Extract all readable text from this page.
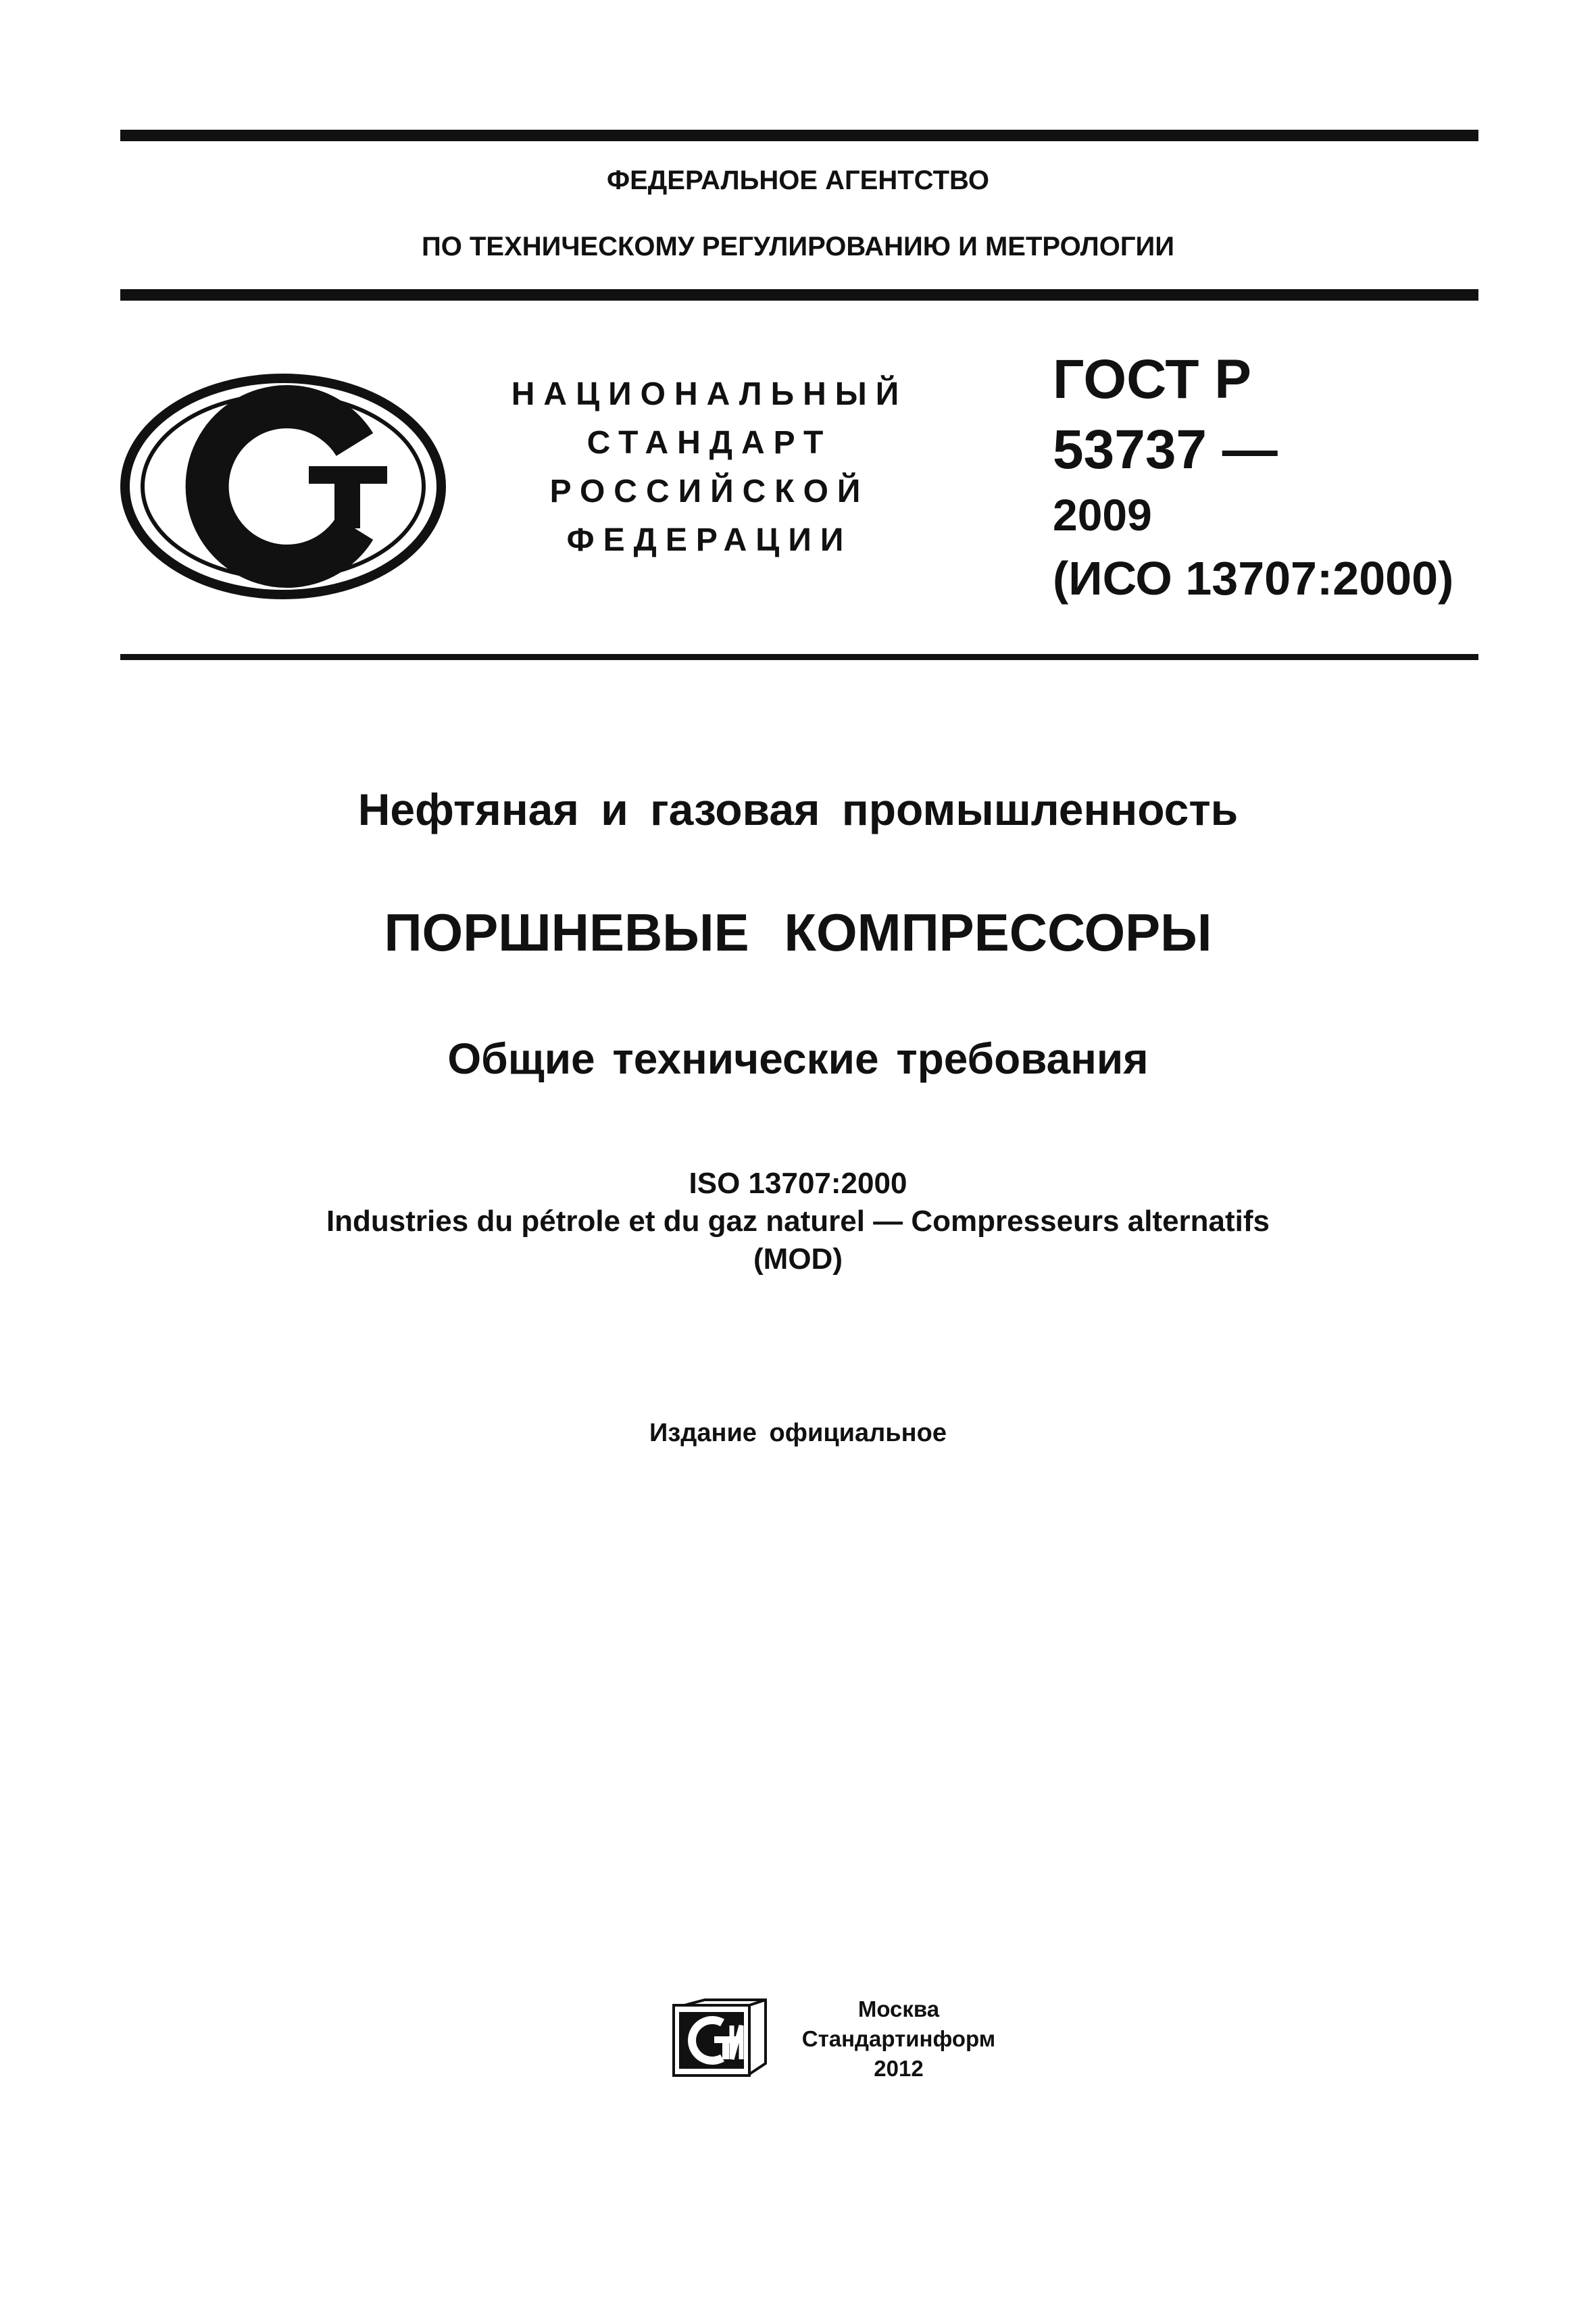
ФЕДЕРАЛЬНОЕ АГЕНТСТВО
ПО ТЕХНИЧЕСКОМУ РЕГУЛИРОВАНИЮ И МЕТРОЛОГИИ
НАЦИОНАЛЬНЫЙ
СТАНДАРТ
РОССИЙСКОЙ
ФЕДЕРАЦИИ
ГОСТ Р
53737 —
2009
(ИСО 13707:2000)
Нефтяная и газовая промышленность
ПОРШНЕВЫЕ КОМПРЕССОРЫ
Общие технические требования
ISO 13707:2000
Industries du pétrole et du gaz naturel — Compresseurs alternatifs
(MOD)
Издание официальное
Москва
Стандартинформ
2012
